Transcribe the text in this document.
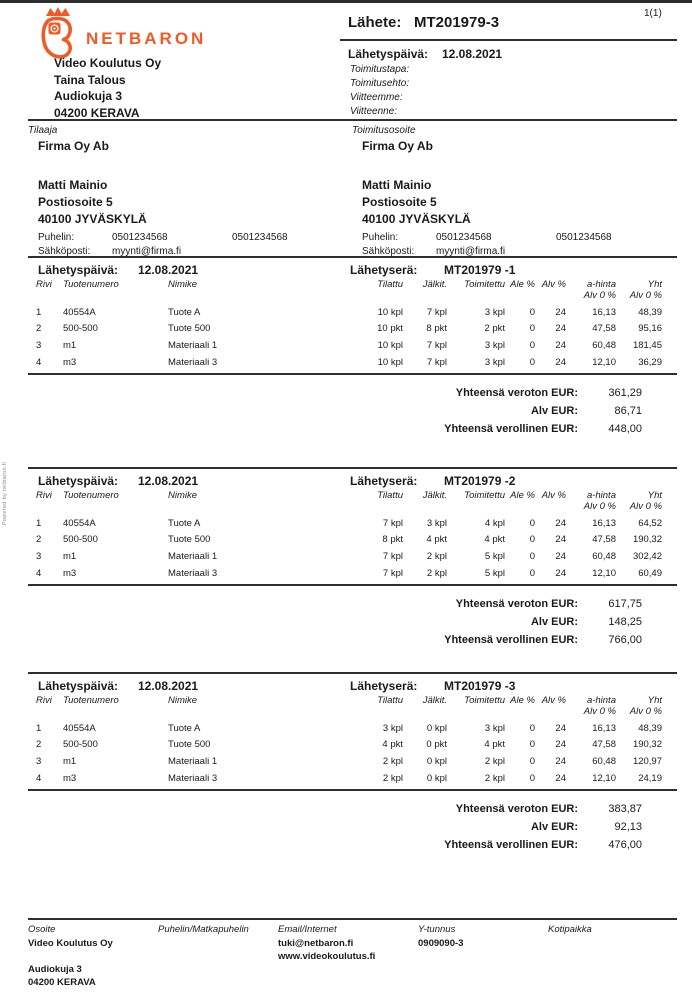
NETBARON
Video Koulutus Oy
Taina Talous
Audiokuja 3
04200 KERAVA
Lähete: MT201979-3
1(1)
Lähetyspäivä: 12.08.2021
Toimitustapa:
Toimitusehto:
Viitteemme:
Viitteenne:
Tilaaja
Firma Oy Ab
Matti Mainio
Postiosoite 5
40100 JYVÄSKYLÄ
Puhelin:	0501234568	0501234568
Sähköposti: myynti@firma.fi
Toimitusosoite
Firma Oy Ab
Matti Mainio
Postiosoite 5
40100 JYVÄSKYLÄ
Puhelin:	0501234568	0501234568
Sähköposti: myynti@firma.fi
Lähetyspäivä: 12.08.2021	Lähetyserä: MT201979 -1
Rivi	Tuotenumero	Nimike	Tilattu	Jälkit.	Toimitettu Ale % Alv %	a-hinta	Yht
Alv 0 %	Alv 0 %
1	40554A	Tuote A	10 kpl	7 kpl	3 kpl	0	24	16,13	48,39
2	500-500	Tuote 500	10 pkt	8 pkt	2 pkt	0	24	47,58	95,16
3	m1	Materiaali 1	10 kpl	7 kpl	3 kpl	0	24	60,48	181,45
4	m3	Materiaali 3	10 kpl	7 kpl	3 kpl	0	24	12,10	36,29
Yhteensä veroton EUR:	361,29
Alv EUR:	86,71
Yhteensä verollinen EUR:	448,00
Lähetyspäivä: 12.08.2021	Lähetyserä: MT201979 -2
Rivi	Tuotenumero	Nimike	Tilattu	Jälkit.	Toimitettu Ale % Alv %	a-hinta	Yht
Alv 0 %	Alv 0 %
1	40554A	Tuote A	7 kpl	3 kpl	4 kpl	0	24	16,13	64,52
2	500-500	Tuote 500	8 pkt	4 pkt	4 pkt	0	24	47,58	190,32
3	m1	Materiaali 1	7 kpl	2 kpl	5 kpl	0	24	60,48	302,42
4	m3	Materiaali 3	7 kpl	2 kpl	5 kpl	0	24	12,10	60,49
Yhteensä veroton EUR:	617,75
Alv EUR:	148,25
Yhteensä verollinen EUR:	766,00
Lähetyspäivä: 12.08.2021	Lähetyserä: MT201979 -3
Rivi	Tuotenumero	Nimike	Tilattu	Jälkit.	Toimitettu Ale % Alv %	a-hinta	Yht
Alv 0 %	Alv 0 %
1	40554A	Tuote A	3 kpl	0 kpl	3 kpl	0	24	16,13	48,39
2	500-500	Tuote 500	4 pkt	0 pkt	4 pkt	0	24	47,58	190,32
3	m1	Materiaali 1	2 kpl	0 kpl	2 kpl	0	24	60,48	120,97
4	m3	Materiaali 3	2 kpl	0 kpl	2 kpl	0	24	12,10	24,19
Yhteensä veroton EUR:	383,87
Alv EUR:	92,13
Yhteensä verollinen EUR:	476,00
Osoite
Video Koulutus Oy
Audiokuja 3
04200 KERAVA
Puhelin/Matkapuhelin	Email/Internet
tuki@netbaron.fi
www.videokoulutus.fi
Y-tunnus
0909090-3
Kotipaikka
Powered by netbaron.fi
